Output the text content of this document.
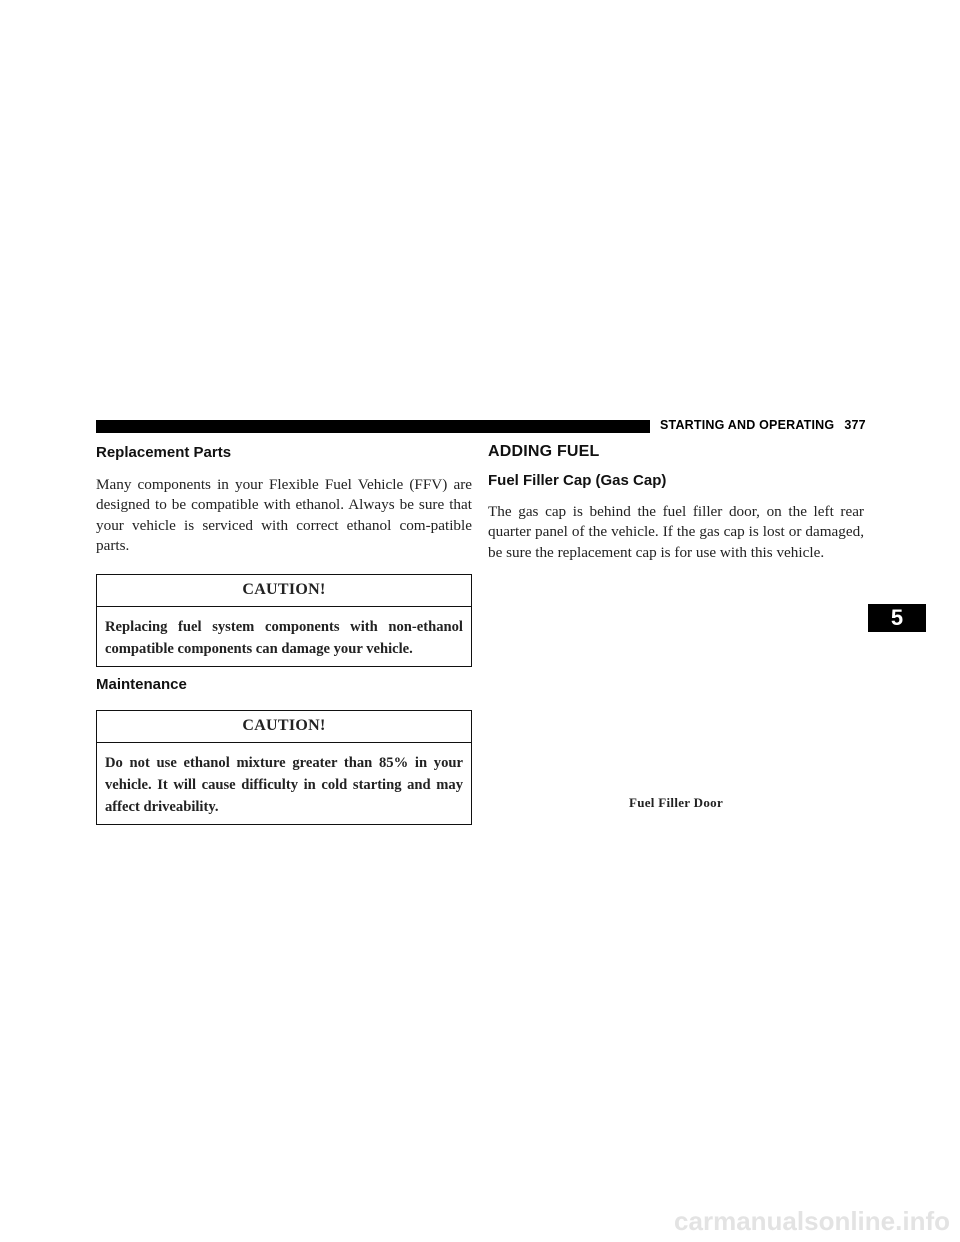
STARTING AND OPERATING 377
Replacement Parts

Many components in your Flexible Fuel Vehicle (FFV) are designed to be compatible with ethanol. Always be sure that your vehicle is serviced with correct ethanol com-patible parts.

CAUTION!
Replacing fuel system components with non-ethanol compatible components can damage your vehicle.
Maintenance
CAUTION!
Do not use ethanol mixture greater than 85% in your vehicle. It will cause difficulty in cold starting and may affect driveability.
ADDING FUEL
Fuel Filler Cap (Gas Cap)

The gas cap is behind the fuel filler door, on the left rear quarter panel of the vehicle. If the gas cap is lost or damaged, be sure the replacement cap is for use with this vehicle.

Fuel Filler Door
5
carmanualsonline.info
